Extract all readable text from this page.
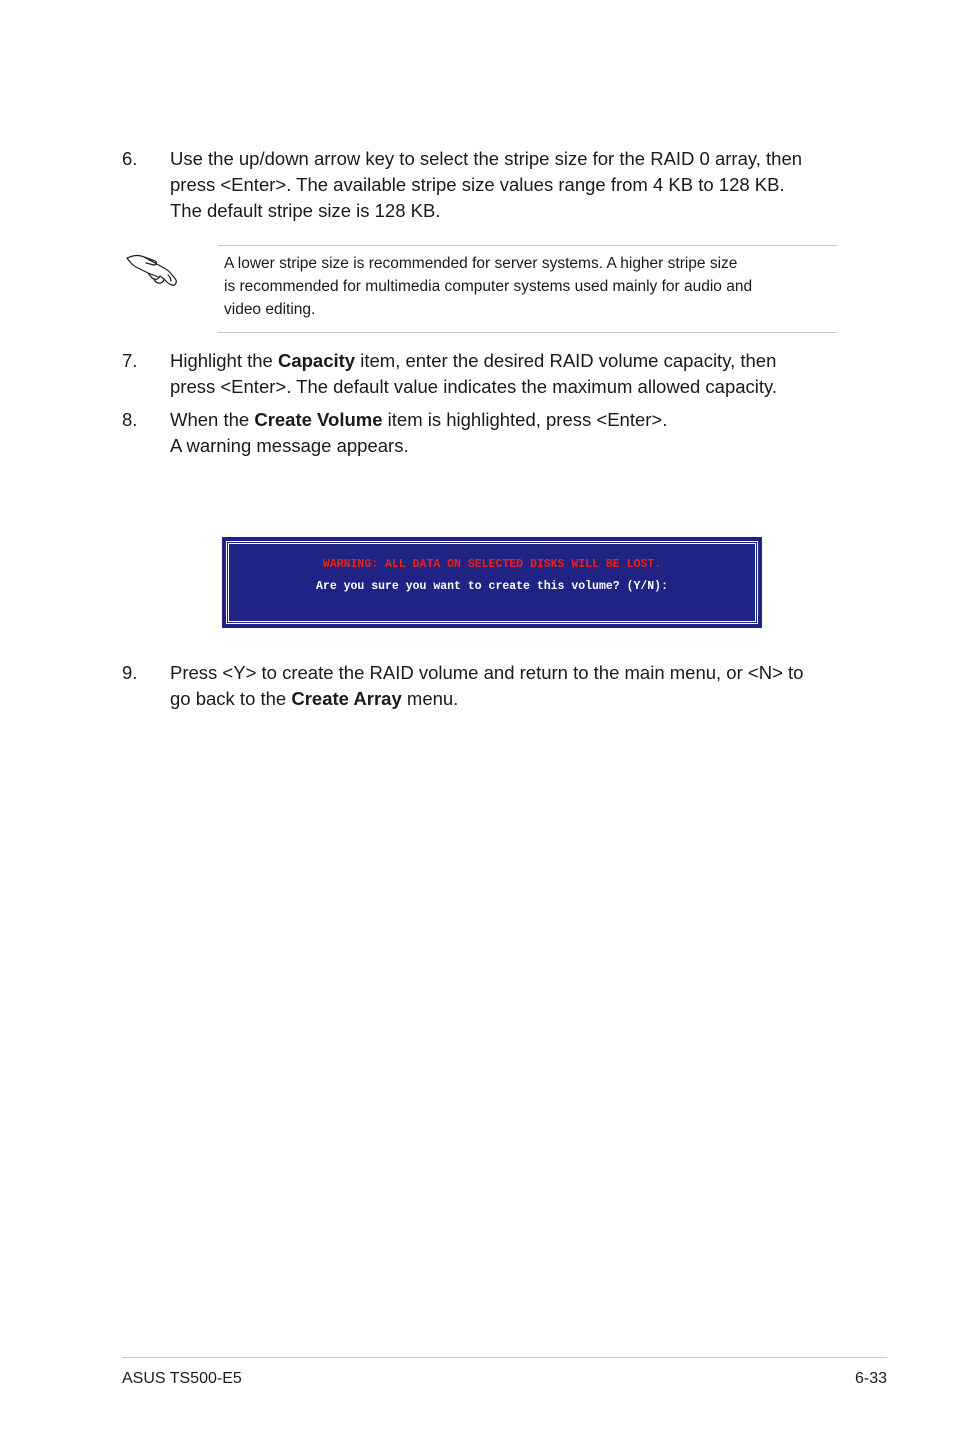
6. Use the up/down arrow key to select the stripe size for the RAID 0 array, then
press <Enter>. The available stripe size values range from 4 KB to 128 KB.
The default stripe size is 128 KB.
A lower stripe size is recommended for server systems. A higher stripe size
is recommended for multimedia computer systems used mainly for audio and
video editing.
7. Highlight the Capacity item, enter the desired RAID volume capacity, then
press <Enter>. The default value indicates the maximum allowed capacity.
8. When the Create Volume item is highlighted, press <Enter>.
A warning message appears.
WARNING: ALL DATA ON SELECTED DISKS WILL BE LOST.
Are you sure you want to create this volume? (Y/N):
9. Press <Y> to create the RAID volume and return to the main menu, or <N> to
go back to the Create Array menu.
ASUS TS500-E5	6-33
